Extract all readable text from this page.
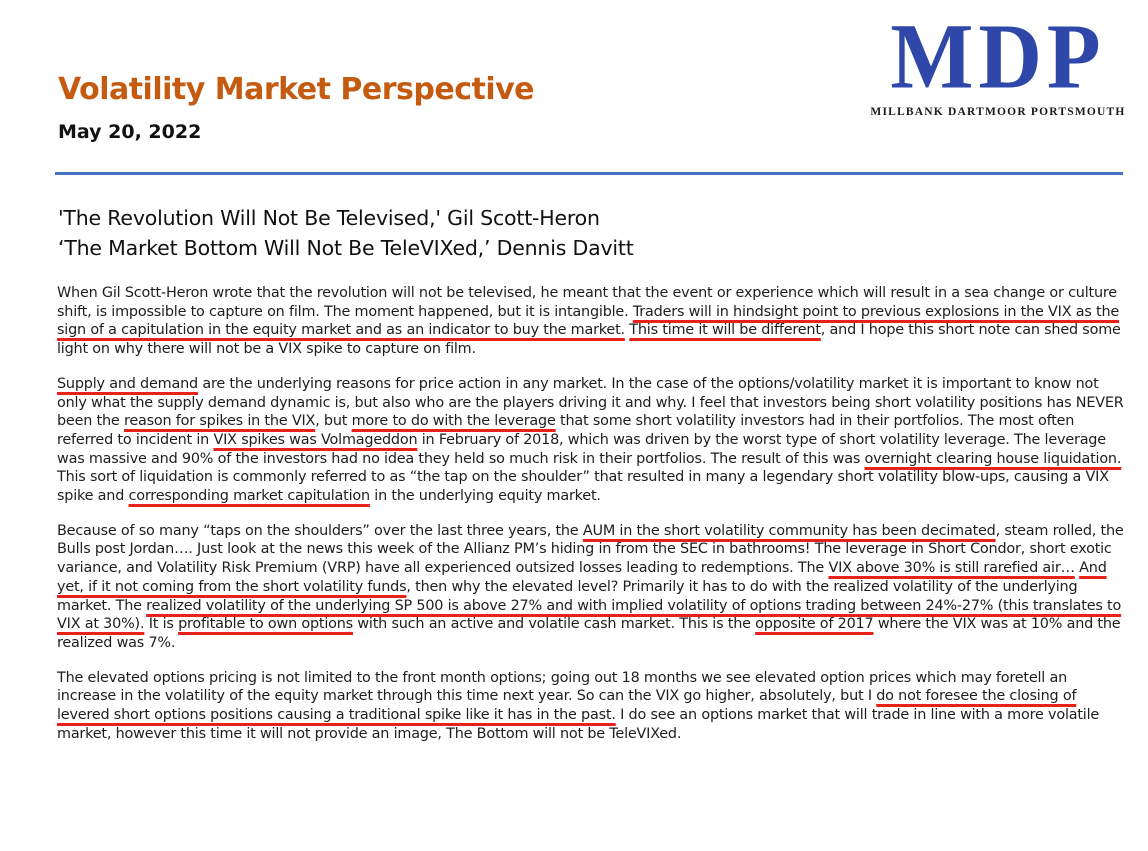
Volatility Market Perspective
May 20, 2022
MDP
MILLBANK DARTMOOR PORTSMOUTH
'The Revolution Will Not Be Televised,' Gil Scott-Heron
‘The Market Bottom Will Not Be TeleVIXed,’ Dennis Davitt

When Gil Scott-Heron wrote that the revolution will not be televised, he meant that the event or experience which will result in a sea change or culture shift, is impossible to capture on film. The moment happened, but it is intangible. Traders will in hindsight point to previous explosions in the VIX as the sign of a capitulation in the equity market and as an indicator to buy the market. This time it will be different, and I hope this short note can shed some light on why there will not be a VIX spike to capture on film.

Supply and demand are the underlying reasons for price action in any market. In the case of the options/volatility market it is important to know not only what the supply demand dynamic is, but also who are the players driving it and why. I feel that investors being short volatility positions has NEVER been the reason for spikes in the VIX, but more to do with the leverage that some short volatility investors had in their portfolios. The most often referred to incident in VIX spikes was Volmageddon in February of 2018, which was driven by the worst type of short volatility leverage. The leverage was massive and 90% of the investors had no idea they held so much risk in their portfolios. The result of this was overnight clearing house liquidation. This sort of liquidation is commonly referred to as “the tap on the shoulder” that resulted in many a legendary short volatility blow-ups, causing a VIX spike and corresponding market capitulation in the underlying equity market.

Because of so many “taps on the shoulders” over the last three years, the AUM in the short volatility community has been decimated, steam rolled, the Bulls post Jordan…. Just look at the news this week of the Allianz PM’s hiding in from the SEC in bathrooms! The leverage in Short Condor, short exotic variance, and Volatility Risk Premium (VRP) have all experienced outsized losses leading to redemptions. The VIX above 30% is still rarefied air… And yet, if it not coming from the short volatility funds, then why the elevated level? Primarily it has to do with the realized volatility of the underlying market. The realized volatility of the underlying SP 500 is above 27% and with implied volatility of options trading between 24%-27% (this translates to VIX at 30%). It is profitable to own options with such an active and volatile cash market. This is the opposite of 2017 where the VIX was at 10% and the realized was 7%.

The elevated options pricing is not limited to the front month options; going out 18 months we see elevated option prices which may foretell an increase in the volatility of the equity market through this time next year. So can the VIX go higher, absolutely, but I do not foresee the closing of levered short options positions causing a traditional spike like it has in the past. I do see an options market that will trade in line with a more volatile market, however this time it will not provide an image, The Bottom will not be TeleVIXed.
